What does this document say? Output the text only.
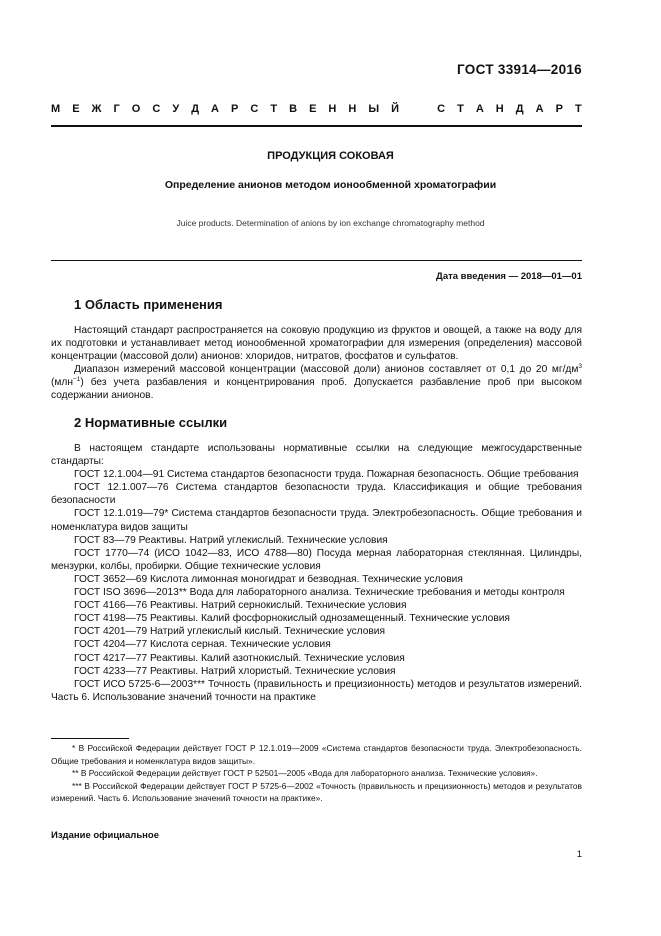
ГОСТ 33914—2016
М Е Ж Г О С У Д А Р С Т В Е Н Н Ы Й	С Т А Н Д А Р Т
ПРОДУКЦИЯ СОКОВАЯ
Определение анионов методом ионообменной хроматографии
Juice products. Determination of anions by ion exchange chromatography method
Дата введения — 2018—01—01
1 Область применения

Настоящий стандарт распространяется на соковую продукцию из фруктов и овощей, а также на воду для их подготовки и устанавливает метод ионообменной хроматографии для измерения (определения) массовой концентрации (массовой доли) анионов: хлоридов, нитратов, фосфатов и сульфатов.

Диапазон измерений массовой концентрации (массовой доли) анионов составляет от 0,1 до 20 $мг/дм^3$ (млн$^{-1}$) без учета разбавления и концентрирования проб. Допускается разбавление проб при высоком содержании анионов.

2 Нормативные ссылки

В настоящем стандарте использованы нормативные ссылки на следующие межгосударственные стандарты:

ГОСТ 12.1.004—91 Система стандартов безопасности труда. Пожарная безопасность. Общие требования

ГОСТ 12.1.007—76 Система стандартов безопасности труда. Классификация и общие требования безопасности

ГОСТ 12.1.019—79* Система стандартов безопасности труда. Электробезопасность. Общие требования и номенклатура видов защиты

ГОСТ 83—79 Реактивы. Натрий углекислый. Технические условия

ГОСТ 1770—74 (ИСО 1042—83, ИСО 4788—80) Посуда мерная лабораторная стеклянная. Цилиндры, мензурки, колбы, пробирки. Общие технические условия

ГОСТ 3652—69 Кислота лимонная моногидрат и безводная. Технические условия

ГОСТ ISO 3696—2013** Вода для лабораторного анализа. Технические требования и методы контроля

ГОСТ 4166—76 Реактивы. Натрий сернокислый. Технические условия

ГОСТ 4198—75 Реактивы. Калий фосфорнокислый однозамещенный. Технические условия

ГОСТ 4201—79 Натрий углекислый кислый. Технические условия

ГОСТ 4204—77 Кислота серная. Технические условия

ГОСТ 4217—77 Реактивы. Калий азотнокислый. Технические условия

ГОСТ 4233—77 Реактивы. Натрий хлористый. Технические условия

ГОСТ ИСО 5725-6—2003*** Точность (правильность и прецизионность) методов и результатов измерений. Часть 6. Использование значений точности на практике

* В Российской Федерации действует ГОСТ Р 12.1.019—2009 «Система стандартов безопасности труда. Электробезопасность. Общие требования и номенклатура видов защиты».

** В Российской Федерации действует ГОСТ Р 52501—2005 «Вода для лабораторного анализа. Технические условия».

*** В Российской Федерации действует ГОСТ Р 5725-6—2002 «Точность (правильность и прецизионность) методов и результатов измерений. Часть 6. Использование значений точности на практике».

Издание официальное
1
